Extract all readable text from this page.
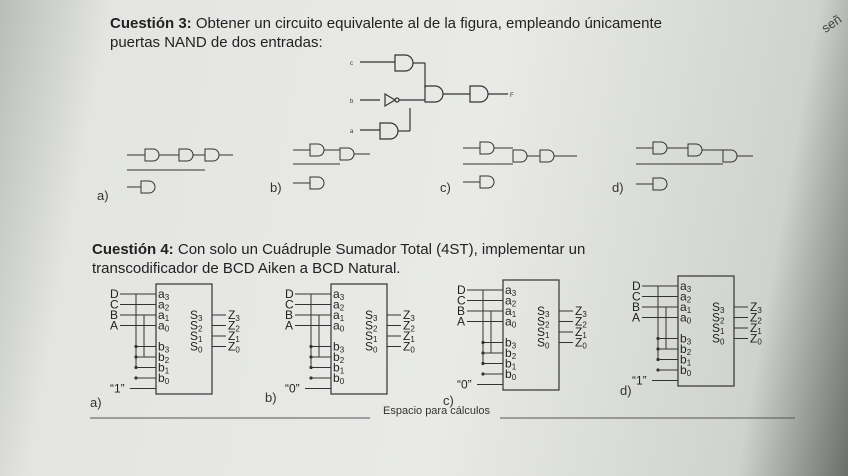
señ
Cuestión 3: Obtener un circuito equivalente al de la figura, empleando únicamente
puertas NAND de dos entradas:
c
b
a
F
a)
b)	c)	d)
Cuestión 4: Con solo un Cuádruple Sumador Total (4ST), implementar un
transcodificador de BCD Aiken a BCD Natural.
D
C
B
A
a3
a2
a1
a0
b3
b2
b1
b0
“1”
S3 Z3
S2 Z2
S1 Z1
S0 Z0
D
C
B
A
a3
a2
a1
a0
b3
b2
b1
b0
“0”
S3 Z3
S2 Z2
S1 Z1
S0 Z0
D
C
B
A
a3
a2
a1
a0
b3
b2
b1
b0
“0”
S3 Z3
S2 Z2
S1 Z1
S0 Z0
D
C
B
A
a3
a2
a1
a0
b3
b2
b1
b0
“1”
S3 Z3
S2 Z2
S1 Z1
S0 Z0
a)	b)	c)
d)
Espacio para cálculos
